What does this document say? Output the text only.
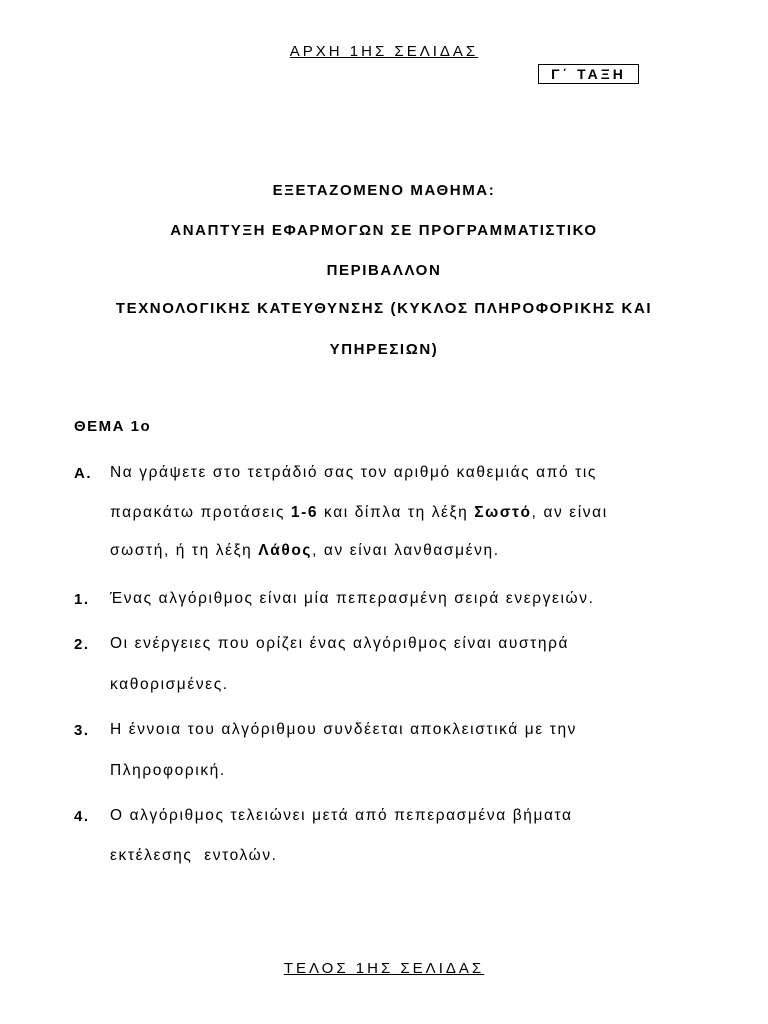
ΑΡΧΗ 1ΗΣ ΣΕΛΙΔΑΣ
Γ΄ ΤΑΞΗ
ΕΞΕΤΑΖΟΜΕΝΟ ΜΑΘΗΜΑ:
ΑΝΑΠΤΥΞΗ ΕΦΑΡΜΟΓΩΝ ΣΕ ΠΡΟΓΡΑΜΜΑΤΙΣΤΙΚΟ
ΠΕΡΙΒΑΛΛΟΝ
ΤΕΧΝΟΛΟΓΙΚΗΣ ΚΑΤΕΥΘΥΝΣΗΣ (ΚΥΚΛΟΣ ΠΛΗΡΟΦΟΡΙΚΗΣ ΚΑΙ
ΥΠΗΡΕΣΙΩΝ)
ΘΕΜΑ 1ο
Α. Να γράψετε στο τετράδιό σας τον αριθμό καθεμιάς από τις
παρακάτω προτάσεις 1-6 και δίπλα τη λέξη Σωστό, αν είναι
σωστή, ή τη λέξη Λάθος, αν είναι λανθασμένη.
1. Ένας αλγόριθμος είναι μία πεπερασμένη σειρά ενεργειών.
2. Οι ενέργειες που ορίζει ένας αλγόριθμος είναι αυστηρά
καθορισμένες.
3. Η έννοια του αλγόριθμου συνδέεται αποκλειστικά με την
Πληροφορική.
4. Ο αλγόριθμος τελειώνει μετά από πεπερασμένα βήματα
εκτέλεσης  εντολών.
ΤΕΛΟΣ 1ΗΣ ΣΕΛΙΔΑΣ
